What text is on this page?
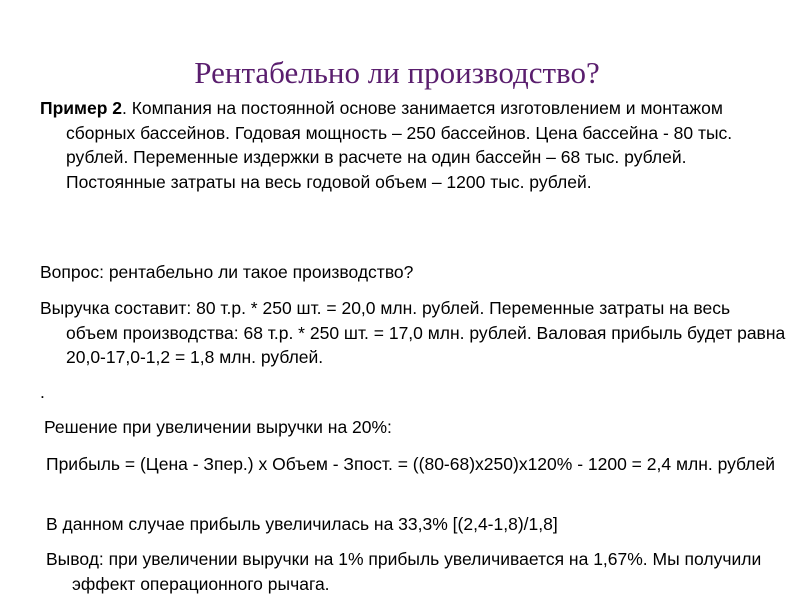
Рентабельно ли производство?

Пример 2. Компания на постоянной основе занимается изготовлением и монтажом сборных бассейнов. Годовая мощность – 250 бассейнов. Цена бассейна - 80 тыс. рублей. Переменные издержки в расчете на один бассейн – 68 тыс. рублей. Постоянные затраты на весь годовой объем – 1200 тыс. рублей.

Вопрос: рентабельно ли такое производство?

Выручка составит: 80 т.р. * 250 шт. = 20,0 млн. рублей. Переменные затраты на весь объем производства: 68 т.р. * 250 шт. = 17,0 млн. рублей. Валовая прибыль будет равна 20,0-17,0-1,2 = 1,8 млн. рублей.

.

Решение при увеличении выручки на 20%:

Прибыль = (Цена - Зпер.) х Объем - Зпост. = ((80-68)х250)х120% - 1200 = 2,4 млн. рублей

В данном случае прибыль увеличилась на 33,3% [(2,4-1,8)/1,8]

Вывод: при увеличении выручки на 1% прибыль увеличивается на 1,67%. Мы получили эффект операционного рычага.
